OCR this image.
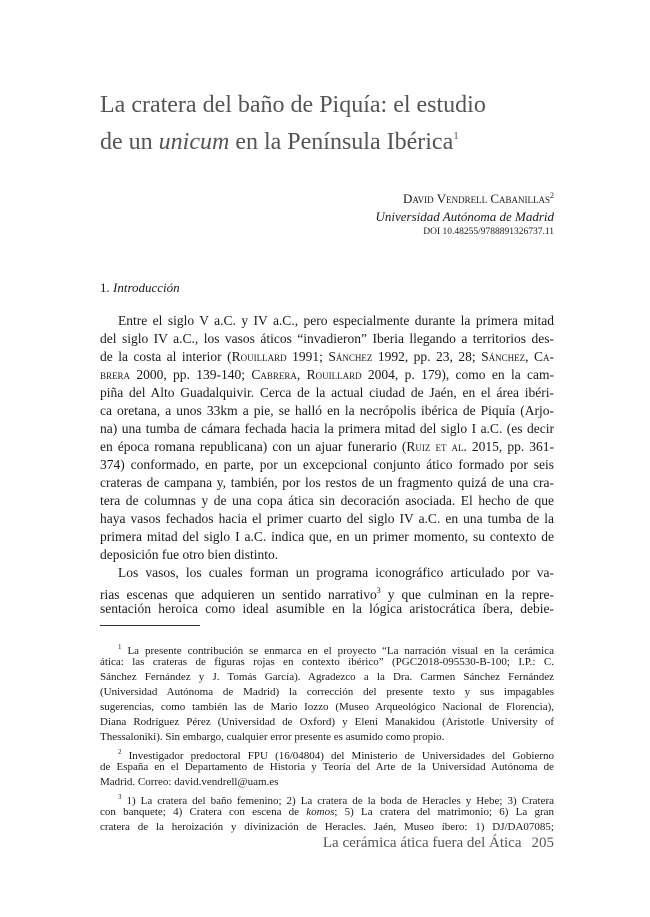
La cratera del baño de Piquía: el estudio
de un unicum en la Península Ibérica$^1$
David Vendrell Cabanillas$^2$
Universidad Autónoma de Madrid
DOI 10.48255/9788891326737.11
1. Introducción
Entre el siglo V a.C. y IV a.C., pero especialmente durante la primera mitad
del siglo IV a.C., los vasos áticos “invadieron” Iberia llegando a territorios des-
de la costa al interior (Rouillard 1991; Sánchez 1992, pp. 23, 28; Sánchez, Ca-
brera 2000, pp. 139-140; Cabrera, Rouillard 2004, p. 179), como en la cam-
piña del Alto Guadalquivir. Cerca de la actual ciudad de Jaén, en el área ibéri-
ca oretana, a unos 33km a pie, se halló en la necrópolis ibérica de Piquía (Arjo-
na) una tumba de cámara fechada hacia la primera mitad del siglo I a.C. (es decir
en época romana republicana) con un ajuar funerario (Ruiz et al. 2015, pp. 361-
374) conformado, en parte, por un excepcional conjunto ático formado por seis
crateras de campana y, también, por los restos de un fragmento quizá de una cra-
tera de columnas y de una copa ática sin decoración asociada. El hecho de que
haya vasos fechados hacia el primer cuarto del siglo IV a.C. en una tumba de la
primera mitad del siglo I a.C. indica que, en un primer momento, su contexto de
deposición fue otro bien distinto.
Los vasos, los cuales forman un programa iconográfico articulado por va-
rias escenas que adquieren un sentido narrativo$^3$ y que culminan en la repre-
sentación heroica como ideal asumible en la lógica aristocrática íbera, debie-
$^1$ La presente contribución se enmarca en el proyecto “La narración visual en la cerámica
ática: las crateras de figuras rojas en contexto ibérico” (PGC2018-095530-B-100; I.P.: C.
Sánchez Fernández y J. Tomás García). Agradezco a la Dra. Carmen Sánchez Fernández
(Universidad Autónoma de Madrid) la corrección del presente texto y sus impagables
sugerencias, como también las de Mario Iozzo (Museo Arqueológico Nacional de Florencia),
Diana Rodríguez Pérez (Universidad de Oxford) y Eleni Manakidou (Aristotle University of
Thessaloniki). Sin embargo, cualquier error presente es asumido como propio.
$^2$ Investigador predoctoral FPU (16/04804) del Ministerio de Universidades del Gobierno
de España en el Departamento de Historia y Teoría del Arte de la Universidad Autónoma de
Madrid. Correo: david.vendrell@uam.es
$^3$ 1) La cratera del baño femenino; 2) La cratera de la boda de Heracles y Hebe; 3) Cratera
con banquete; 4) Cratera con escena de komos; 5) La cratera del matrimonio; 6) La gran
cratera de la heroización y divinización de Heracles. Jaén, Museo íbero: 1) DJ/DA07085;
La cerámica ática fuera del Ática 205
